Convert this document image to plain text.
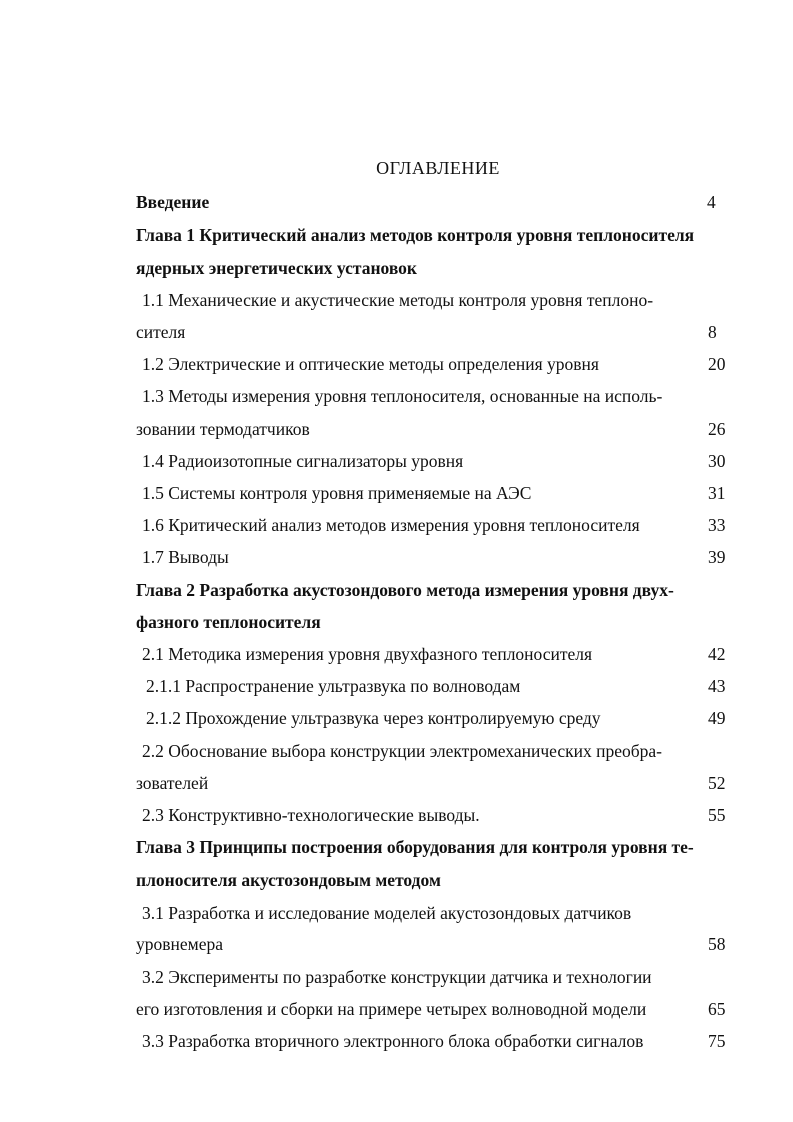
ОГЛАВЛЕНИЕ
Введение	4
Глава 1 Критический анализ методов контроля уровня теплоносителя
ядерных энергетических установок
1.1 Механические и акустические методы контроля уровня теплоно-
сителя	8
1.2 Электрические и оптические методы определения уровня	20
1.3 Методы измерения уровня теплоносителя, основанные на исполь-
зовании термодатчиков	26
1.4 Радиоизотопные сигнализаторы уровня	30
1.5 Системы контроля уровня применяемые на АЭС	31
1.6 Критический анализ методов измерения уровня теплоносителя	33
1.7 Выводы	39
Глава 2 Разработка акустозондового метода измерения уровня двух-
фазного теплоносителя
2.1 Методика измерения уровня двухфазного теплоносителя	42
2.1.1 Распространение ультразвука по волноводам	43
2.1.2 Прохождение ультразвука через контролируемую среду	49
2.2 Обоснование выбора конструкции электромеханических преобра-
зователей	52
2.3 Конструктивно-технологические выводы.	55
Глава 3 Принципы построения оборудования для контроля уровня те-
плоносителя акустозондовым методом
3.1 Разработка и исследование моделей акустозондовых датчиков
уровнемера	58
3.2 Эксперименты по разработке конструкции датчика и технологии
его изготовления и сборки на примере четырех волноводной модели	65
3.3 Разработка вторичного электронного блока обработки сигналов	75
